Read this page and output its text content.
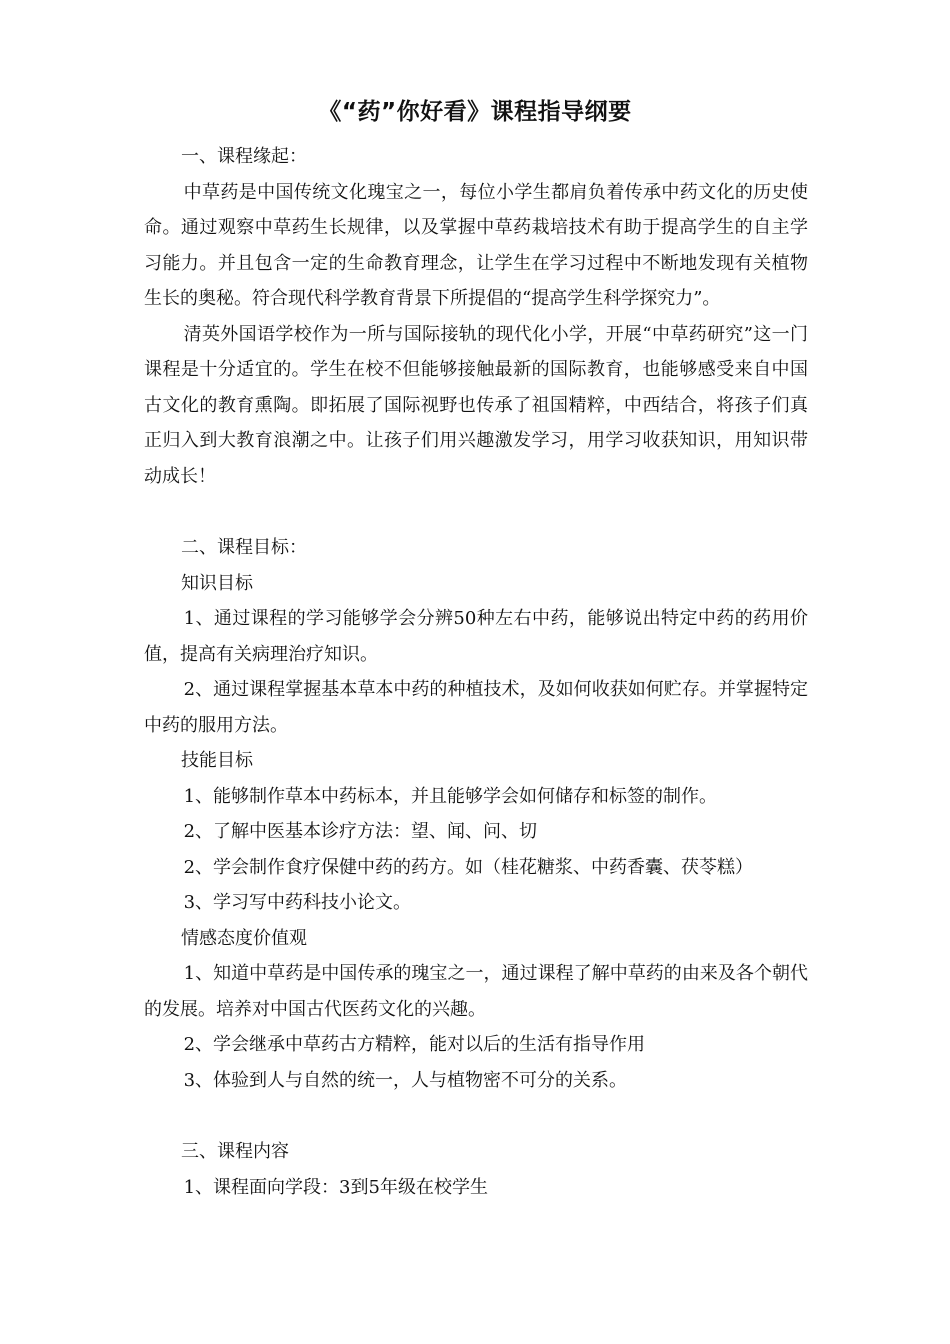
《“药”你好看》课程指导纲要
一、课程缘起：

中草药是中国传统文化瑰宝之一，每位小学生都肩负着传承中药文化的历史使命。通过观察中草药生长规律，以及掌握中草药栽培技术有助于提高学生的自主学习能力。并且包含一定的生命教育理念，让学生在学习过程中不断地发现有关植物生长的奥秘。符合现代科学教育背景下所提倡的“提高学生科学探究力”。

清英外国语学校作为一所与国际接轨的现代化小学，开展“中草药研究”这一门课程是十分适宜的。学生在校不但能够接触最新的国际教育，也能够感受来自中国古文化的教育熏陶。即拓展了国际视野也传承了祖国精粹，中西结合，将孩子们真正归入到大教育浪潮之中。让孩子们用兴趣激发学习，用学习收获知识，用知识带动成长！

二、课程目标：
知识目标

1、通过课程的学习能够学会分辨50种左右中药，能够说出特定中药的药用价值，提高有关病理治疗知识。

2、通过课程掌握基本草本中药的种植技术，及如何收获如何贮存。并掌握特定中药的服用方法。

技能目标

1、能够制作草本中药标本，并且能够学会如何储存和标签的制作。

2、了解中医基本诊疗方法：望、闻、问、切

2、学会制作食疗保健中药的药方。如（桂花糖浆、中药香囊、茯苓糕）

3、学习写中药科技小论文。

情感态度价值观

1、知道中草药是中国传承的瑰宝之一，通过课程了解中草药的由来及各个朝代的发展。培养对中国古代医药文化的兴趣。

2、学会继承中草药古方精粹，能对以后的生活有指导作用

3、体验到人与自然的统一，人与植物密不可分的关系。

三、课程内容

1、课程面向学段：3到5年级在校学生
